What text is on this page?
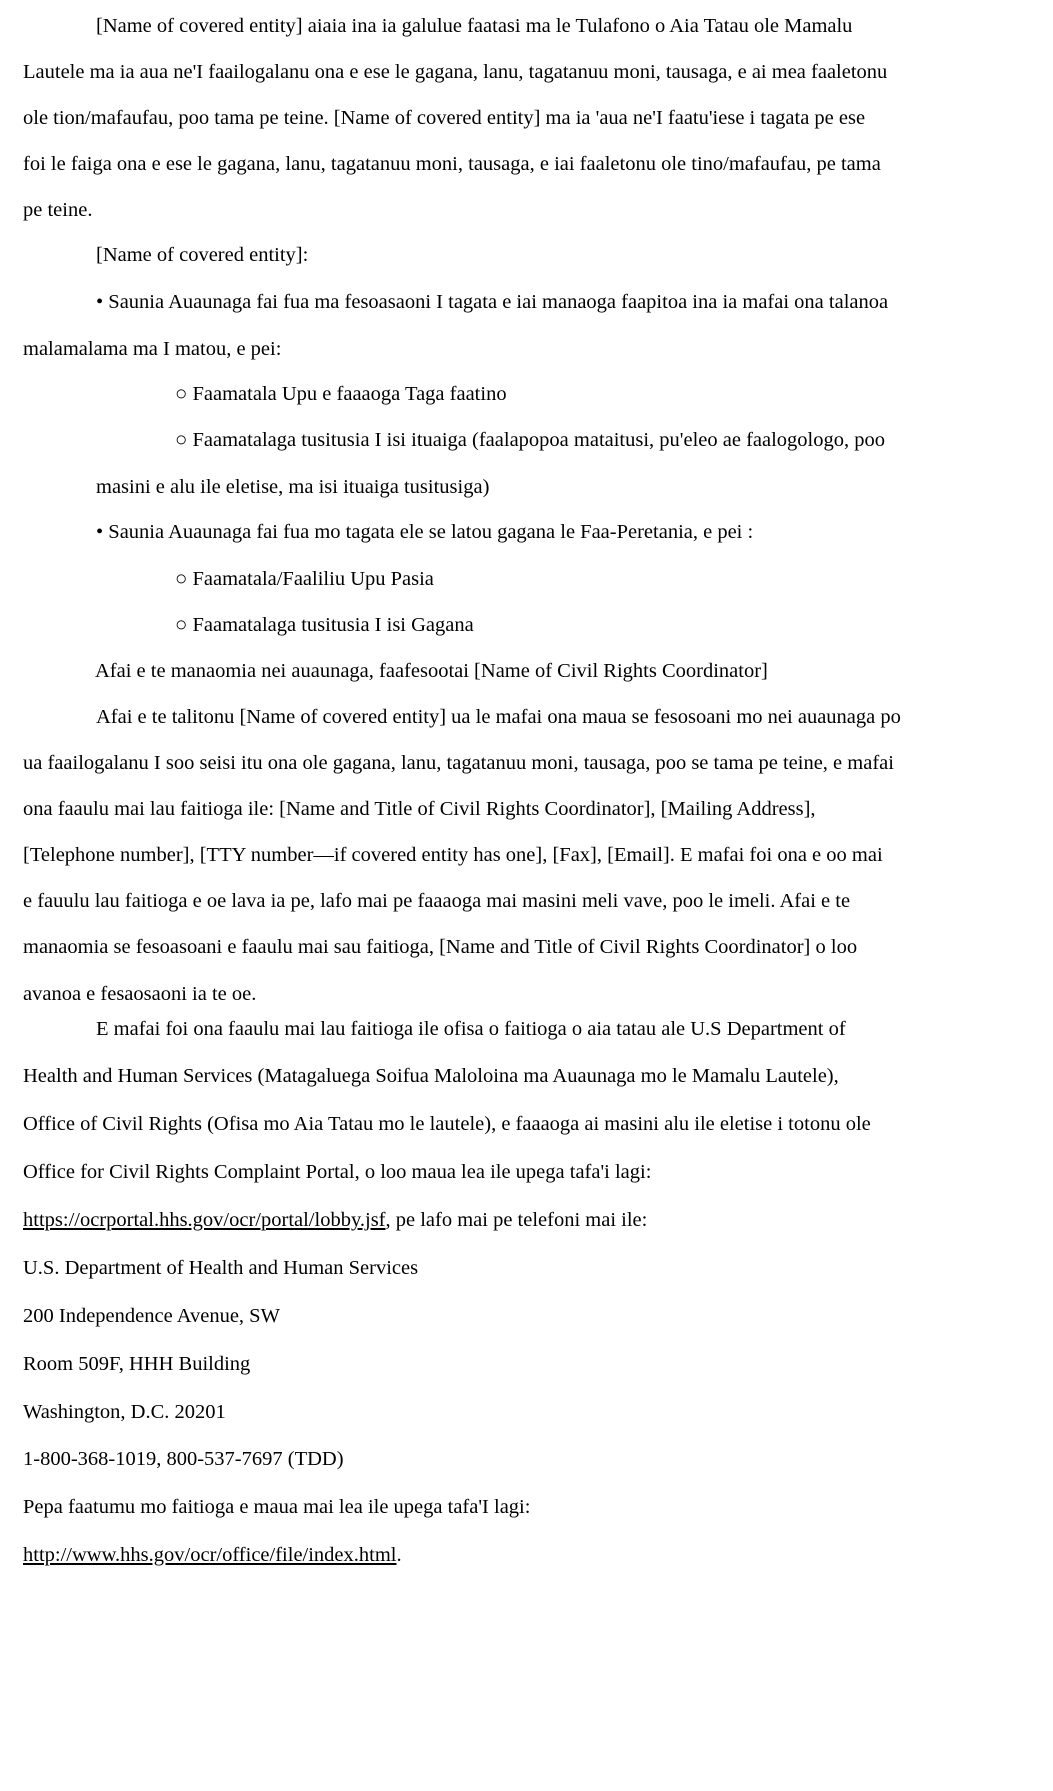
[Name of covered entity] aiaia ina ia galulue faatasi ma le Tulafono o Aia Tatau ole Mamalu
Lautele ma ia aua ne'I faailogalanu ona e ese le gagana, lanu, tagatanuu moni, tausaga, e ai mea faaletonu
ole tion/mafaufau, poo tama pe teine. [Name of covered entity] ma ia 'aua ne'I faatu'iese i tagata pe ese
foi le faiga ona e ese le gagana, lanu, tagatanuu moni, tausaga, e iai faaletonu ole tino/mafaufau, pe tama
pe teine.
[Name of covered entity]:
• Saunia Auaunaga fai fua ma fesoasaoni I tagata e iai manaoga faapitoa ina ia mafai ona talanoa
malamalama ma I matou, e pei:
○ Faamatala Upu e faaaoga Taga faatino
○ Faamatalaga tusitusia I isi ituaiga (faalapopoa mataitusi, pu'eleo ae faalogologo, poo
masini e alu ile eletise, ma isi ituaiga tusitusiga)
• Saunia Auaunaga fai fua mo tagata ele se latou gagana le Faa-Peretania, e pei :
○ Faamatala/Faaliliu Upu Pasia
○ Faamatalaga tusitusia I isi Gagana
Afai e te manaomia nei auaunaga, faafesootai [Name of Civil Rights Coordinator]
Afai e te talitonu [Name of covered entity] ua le mafai ona maua se fesosoani mo nei auaunaga po
ua faailogalanu I soo seisi itu ona ole gagana, lanu, tagatanuu moni, tausaga, poo se tama pe teine, e mafai
ona faaulu mai lau faitioga ile: [Name and Title of Civil Rights Coordinator], [Mailing Address],
[Telephone number], [TTY number—if covered entity has one], [Fax], [Email]. E mafai foi ona e oo mai
e fauulu lau faitioga e oe lava ia pe, lafo mai pe faaaoga mai masini meli vave, poo le imeli. Afai e te
manaomia se fesoasoani e faaulu mai sau faitioga, [Name and Title of Civil Rights Coordinator] o loo
avanoa e fesaosaoni ia te oe.
E mafai foi ona faaulu mai lau faitioga ile ofisa o faitioga o aia tatau ale U.S Department of
Health and Human Services (Matagaluega Soifua Maloloina ma Auaunaga mo le Mamalu Lautele),
Office of Civil Rights (Ofisa mo Aia Tatau mo le lautele), e faaaoga ai masini alu ile eletise i totonu ole
Office for Civil Rights Complaint Portal, o loo maua lea ile upega tafa'i lagi:
https://ocrportal.hhs.gov/ocr/portal/lobby.jsf, pe lafo mai pe telefoni mai ile:
U.S. Department of Health and Human Services
200 Independence Avenue, SW
Room 509F, HHH Building
Washington, D.C. 20201
1-800-368-1019, 800-537-7697 (TDD)
Pepa faatumu mo faitioga e maua mai lea ile upega tafa'I lagi:
http://www.hhs.gov/ocr/office/file/index.html.
